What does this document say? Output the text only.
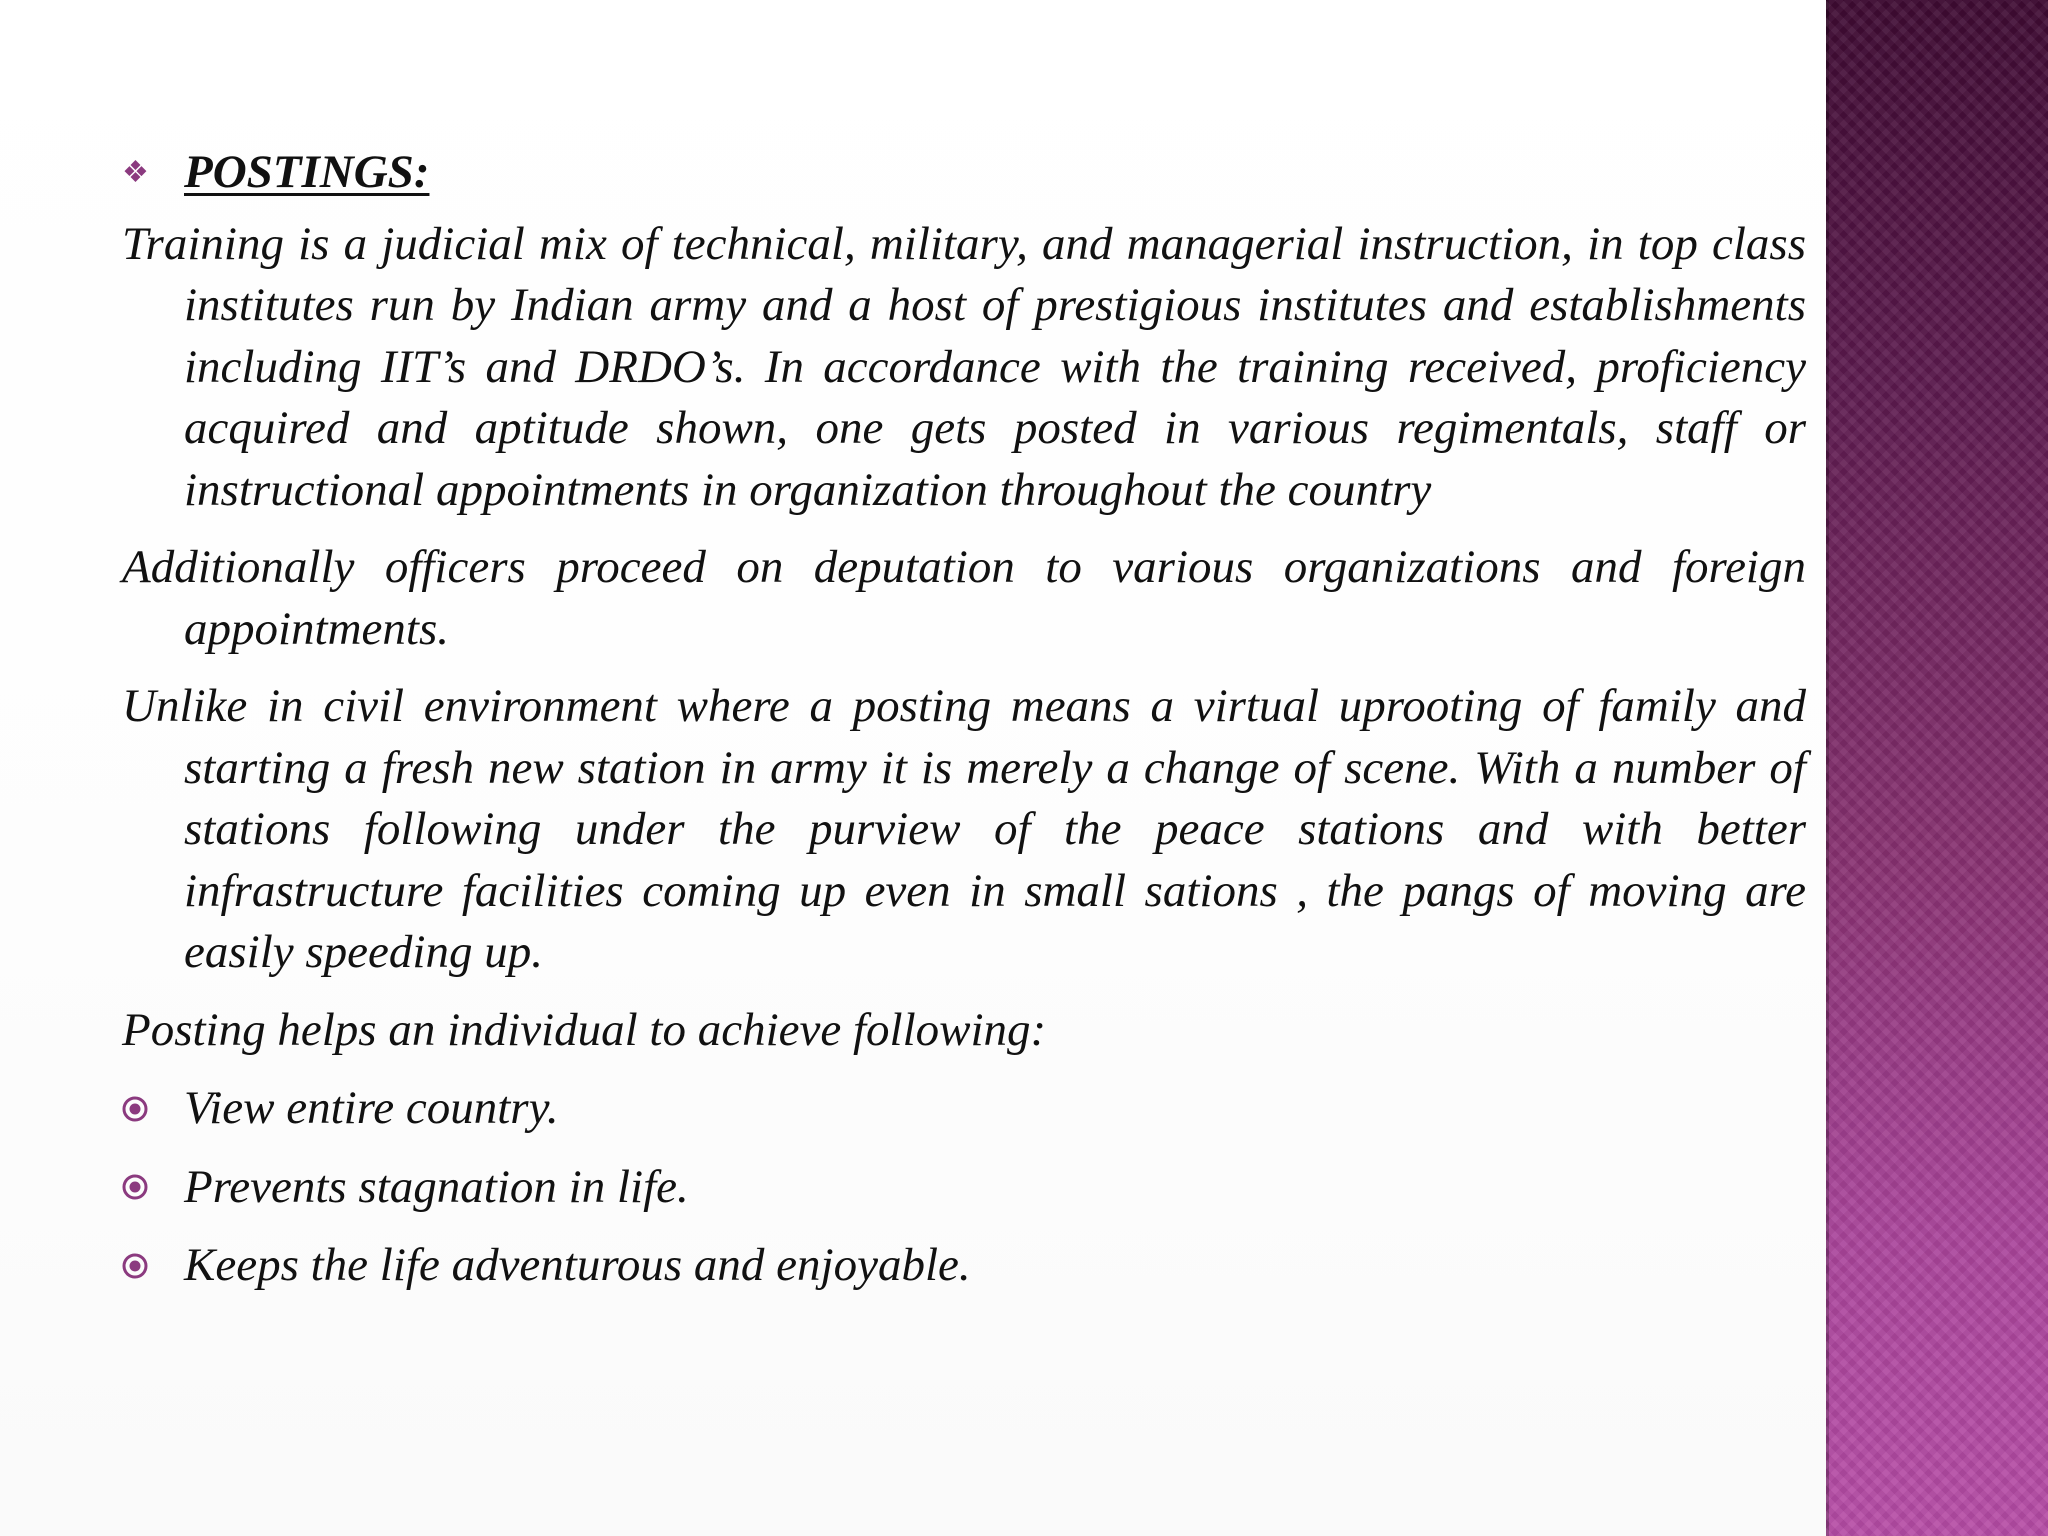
❖ POSTINGS:

Training is a judicial mix of technical, military, and managerial instruction, in top class institutes run by Indian army and a host of prestigious institutes and establishments including IIT’s and DRDO’s. In accordance with the training received, proficiency acquired and aptitude shown, one gets posted in various regimentals, staff or instructional appointments in organization throughout the country

Additionally officers proceed on deputation to various organizations and foreign appointments.

Unlike in civil environment where a posting means a virtual uprooting of family and starting a fresh new station in army it is merely a change of scene. With a number of stations following under the purview of the peace stations and with better infrastructure facilities coming up even in small sations , the pangs of moving are easily speeding up.

Posting helps an individual to achieve following:

View entire country.
Prevents stagnation in life.
Keeps the life adventurous and enjoyable.
